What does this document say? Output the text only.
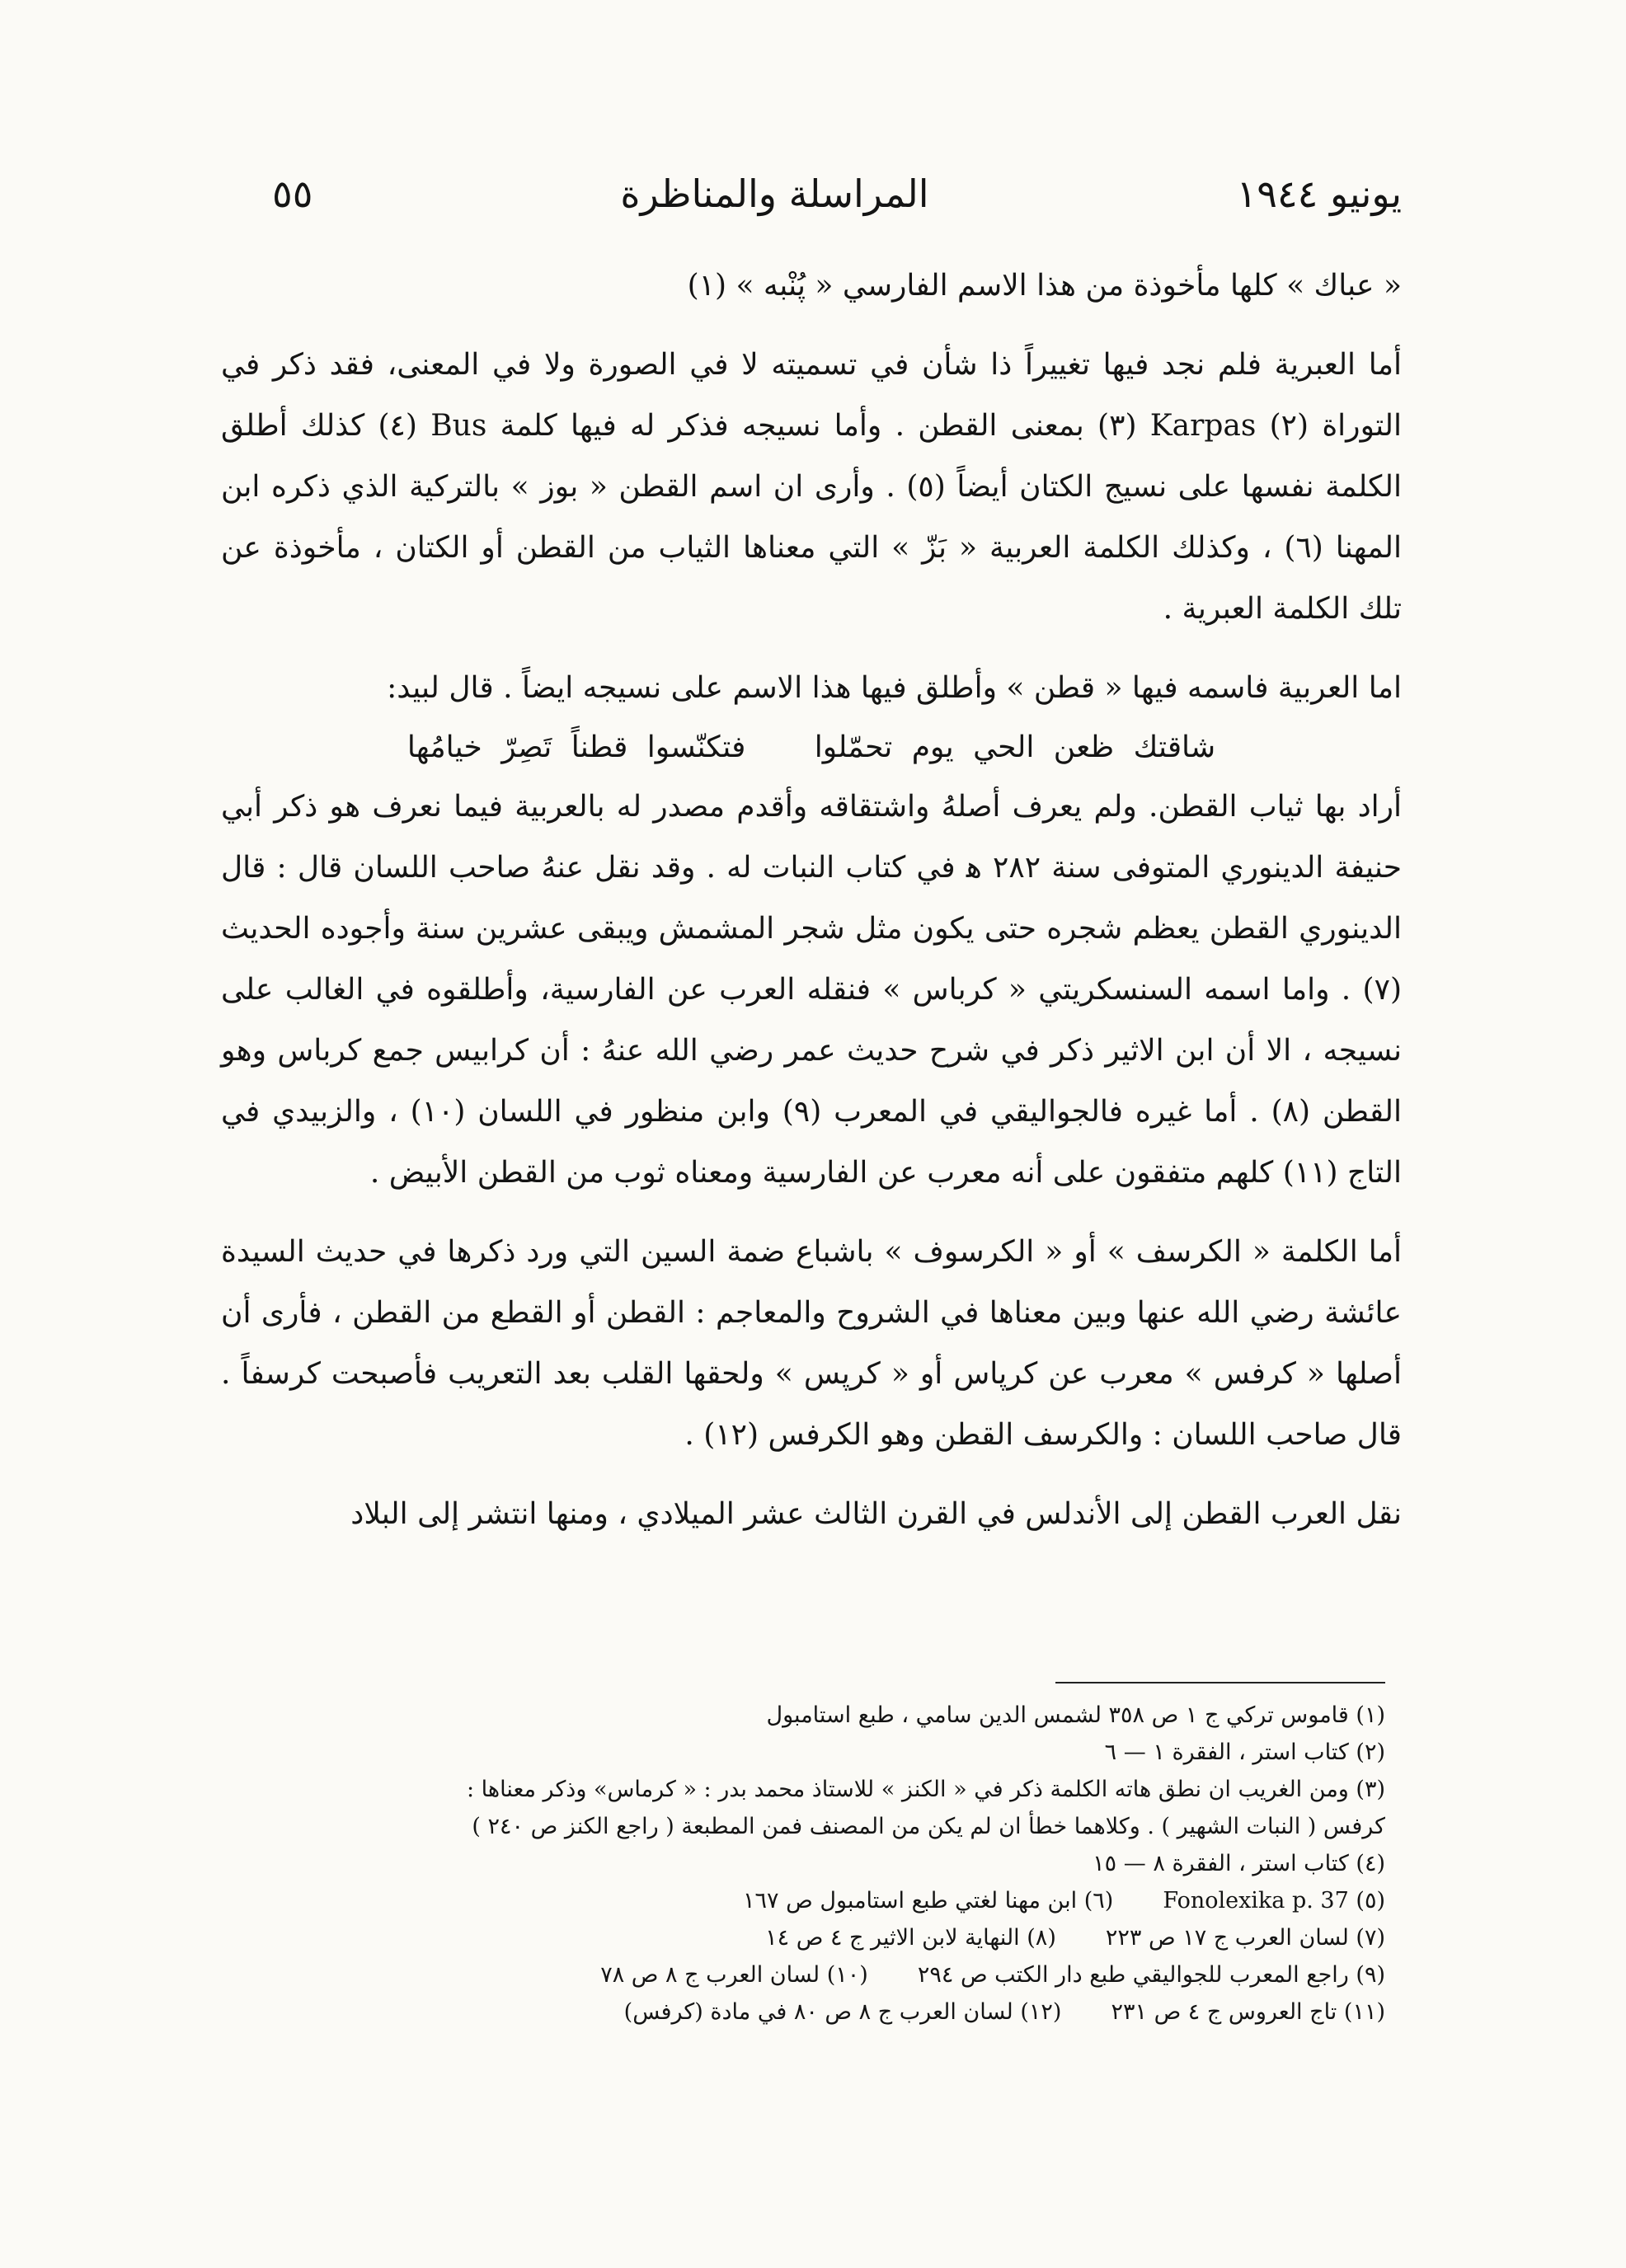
يونيو ١٩٤٤
المراسلة والمناظرة
٥٥

« عباك » كلها مأخوذة من هذا الاسم الفارسي « پُنْبه » (١)

أما العبرية فلم نجد فيها تغييراً ذا شأن في تسميته لا في الصورة ولا في المعنى، فقد ذكر في التوراة (٢) Karpas (٣) بمعنى القطن . وأما نسيجه فذكر له فيها كلمة Bus (٤) كذلك أطلق الكلمة نفسها على نسيج الكتان أيضاً (٥) . وأرى ان اسم القطن « بوز » بالتركية الذي ذكره ابن المهنا (٦) ، وكذلك الكلمة العربية « بَزّ » التي معناها الثياب من القطن أو الكتان ، مأخوذة عن تلك الكلمة العبرية .

اما العربية فاسمه فيها « قطن » وأطلق فيها هذا الاسم على نسيجه ايضاً . قال لبيد:

شاقتك ظعن الحي يوم تحمّلوا فتكنّسوا قطناً تَصِرّ خيامُها

أراد بها ثياب القطن. ولم يعرف أصلهُ واشتقاقه وأقدم مصدر له بالعربية فيما نعرف هو ذكر أبي حنيفة الدينوري المتوفى سنة ٢٨٢ ﻫ في كتاب النبات له . وقد نقل عنهُ صاحب اللسان قال : قال الدينوري القطن يعظم شجره حتى يكون مثل شجر المشمش ويبقى عشرين سنة وأجوده الحديث (٧) . واما اسمه السنسكريتي « كرباس » فنقله العرب عن الفارسية، وأطلقوه في الغالب على نسيجه ، الا أن ابن الاثير ذكر في شرح حديث عمر رضي الله عنهُ : أن كرابيس جمع كرباس وهو القطن (٨) . أما غيره فالجواليقي في المعرب (٩) وابن منظور في اللسان (١٠) ، والزبيدي في التاج (١١) كلهم متفقون على أنه معرب عن الفارسية ومعناه ثوب من القطن الأبيض .

أما الكلمة « الكرسف » أو « الكرسوف » باشباع ضمة السين التي ورد ذكرها في حديث السيدة عائشة رضي الله عنها وبين معناها في الشروح والمعاجم : القطن أو القطع من القطن ، فأرى أن أصلها « كرفس » معرب عن كرپاس أو « كرپس » ولحقها القلب بعد التعريب فأصبحت كرسفاً . قال صاحب اللسان : والكرسف القطن وهو الكرفس (١٢) .

نقل العرب القطن إلى الأندلس في القرن الثالث عشر الميلادي ، ومنها انتشر إلى البلاد

(١) قاموس تركي ج ١ ص ٣٥٨ لشمس الدين سامي ، طبع استامبول
(٢) كتاب استر ، الفقرة ١ — ٦
(٣) ومن الغريب ان نطق هاته الكلمة ذكر في « الكنز » للاستاذ محمد بدر : « كرماس» وذكر معناها :
كرفس ( النبات الشهير ) . وكلاهما خطأ ان لم يكن من المصنف فمن المطبعة ( راجع الكنز ص ٢٤٠ )
(٤) كتاب استر ، الفقرة ٨ — ١٥
(٥) Fonolexika p. 37
(٦) ابن مهنا لغتي طبع استامبول ص ١٦٧
(٧) لسان العرب ج ١٧ ص ٢٢٣
(٨) النهاية لابن الاثير ج ٤ ص ١٤
(٩) راجع المعرب للجواليقي طبع دار الكتب ص ٢٩٤
(١٠) لسان العرب ج ٨ ص ٧٨
(١١) تاج العروس ج ٤ ص ٢٣١
(١٢) لسان العرب ج ٨ ص ٨٠ في مادة (كرفس)
